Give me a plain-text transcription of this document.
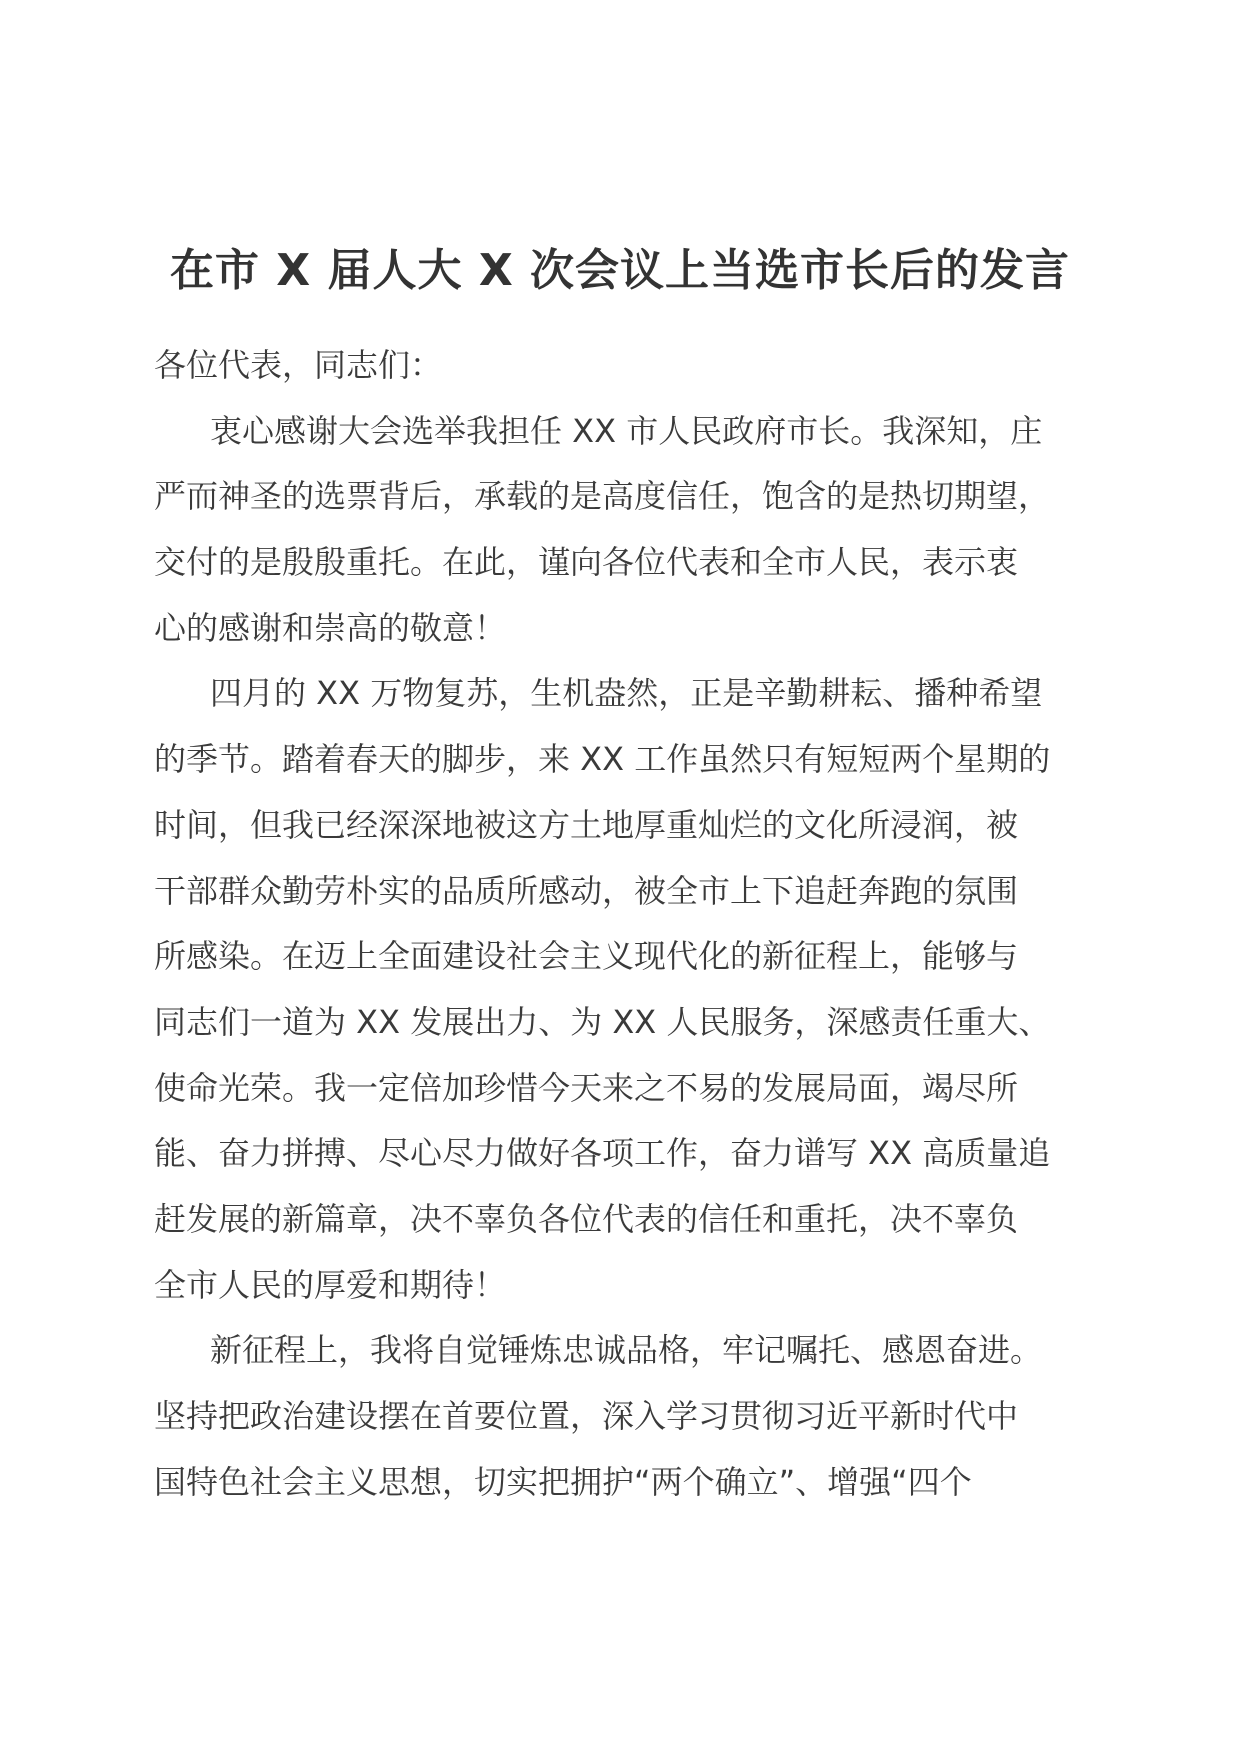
在市 X 届人大 X 次会议上当选市长后的发言

各位代表，同志们：

衷心感谢大会选举我担任 XX 市人民政府市长。我深知，庄
严而神圣的选票背后，承载的是高度信任，饱含的是热切期望，
交付的是殷殷重托。在此，谨向各位代表和全市人民，表示衷
心的感谢和崇高的敬意！

四月的 XX 万物复苏，生机盎然，正是辛勤耕耘、播种希望
的季节。踏着春天的脚步，来 XX 工作虽然只有短短两个星期的
时间，但我已经深深地被这方土地厚重灿烂的文化所浸润，被
干部群众勤劳朴实的品质所感动，被全市上下追赶奔跑的氛围
所感染。在迈上全面建设社会主义现代化的新征程上，能够与
同志们一道为 XX 发展出力、为 XX 人民服务，深感责任重大、
使命光荣。我一定倍加珍惜今天来之不易的发展局面，竭尽所
能、奋力拼搏、尽心尽力做好各项工作，奋力谱写 XX 高质量追
赶发展的新篇章，决不辜负各位代表的信任和重托，决不辜负
全市人民的厚爱和期待！

新征程上，我将自觉锤炼忠诚品格，牢记嘱托、感恩奋进。
坚持把政治建设摆在首要位置，深入学习贯彻习近平新时代中
国特色社会主义思想，切实把拥护“两个确立”、增强“四个
